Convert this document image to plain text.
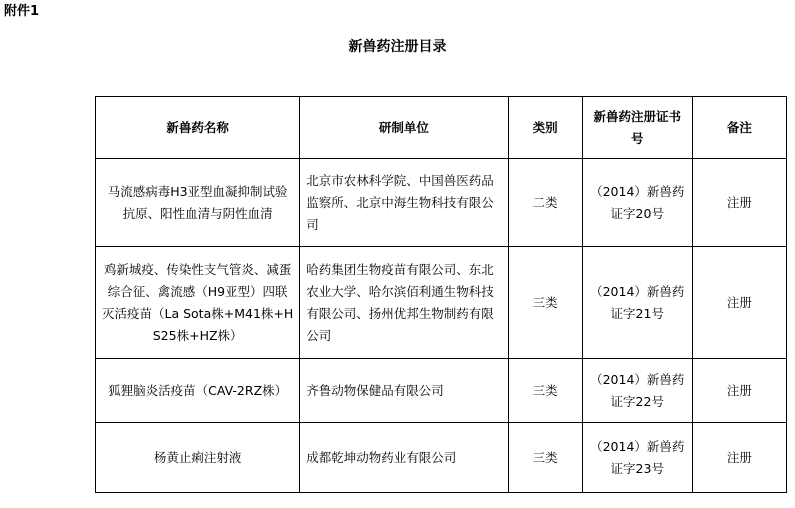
附件1
新兽药注册目录
新兽药名称	研制单位	类别	新兽药注册证书号	备注
马流感病毒H3亚型血凝抑制试验抗原、阳性血清与阴性血清	北京市农林科学院、中国兽医药品监察所、北京中海生物科技有限公司	二类	（2014）新兽药证字20号	注册
鸡新城疫、传染性支气管炎、减蛋综合征、禽流感（H9亚型）四联灭活疫苗（La Sota株+M41株+HS25株+HZ株）	哈药集团生物疫苗有限公司、东北农业大学、哈尔滨佰利通生物科技有限公司、扬州优邦生物制药有限公司	三类	（2014）新兽药证字21号	注册
狐狸脑炎活疫苗（CAV-2RZ株）	齐鲁动物保健品有限公司	三类	（2014）新兽药证字22号	注册
杨黄止痢注射液	成都乾坤动物药业有限公司	三类	（2014）新兽药证字23号	注册
